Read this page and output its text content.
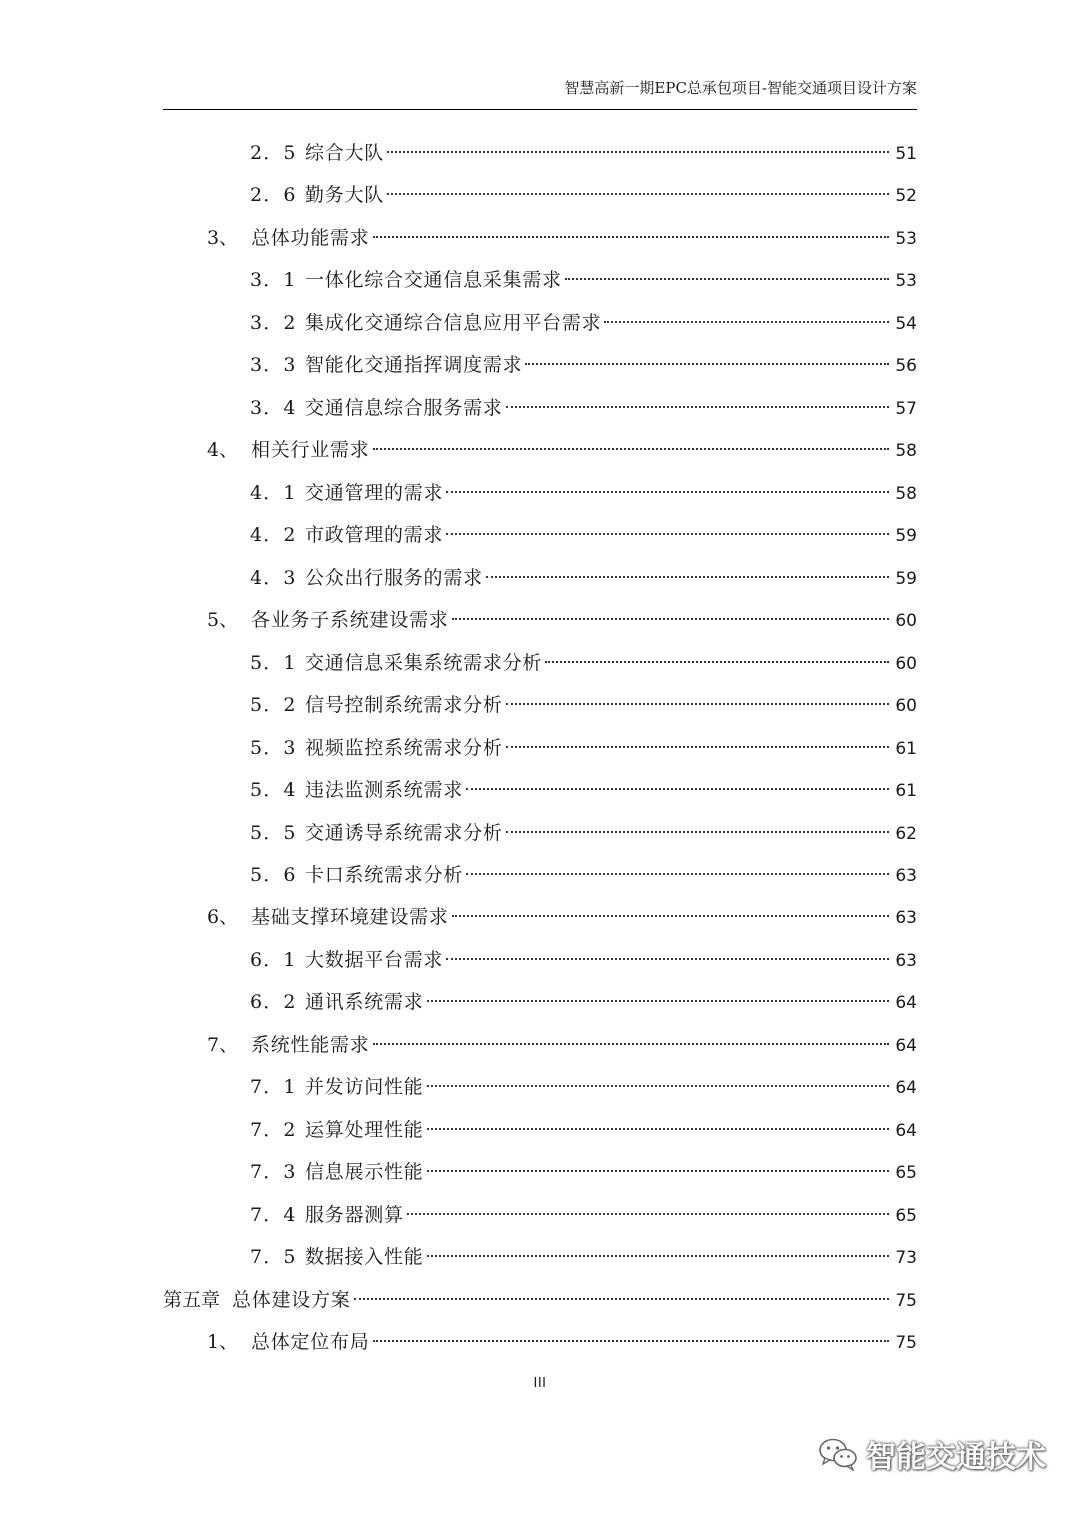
智慧高新一期EPC总承包项目-智能交通项目设计方案
2．5 综合大队	51
2．6 勤务大队	52
3、 总体功能需求	53
3．1 一体化综合交通信息采集需求	53
3．2 集成化交通综合信息应用平台需求	54
3．3 智能化交通指挥调度需求	56
3．4 交通信息综合服务需求	57
4、 相关行业需求	58
4．1 交通管理的需求	58
4．2 市政管理的需求	59
4．3 公众出行服务的需求	59
5、 各业务子系统建设需求	60
5．1 交通信息采集系统需求分析	60
5．2 信号控制系统需求分析	60
5．3 视频监控系统需求分析	61
5．4 违法监测系统需求	61
5．5 交通诱导系统需求分析	62
5．6 卡口系统需求分析	63
6、 基础支撑环境建设需求	63
6．1 大数据平台需求	63
6．2 通讯系统需求	64
7、 系统性能需求	64
7．1 并发访问性能	64
7．2 运算处理性能	64
7．3 信息展示性能	65
7．4 服务器测算	65
7．5 数据接入性能	73
第五章 总体建设方案	75
1、 总体定位布局	75
III
智能交通技术
